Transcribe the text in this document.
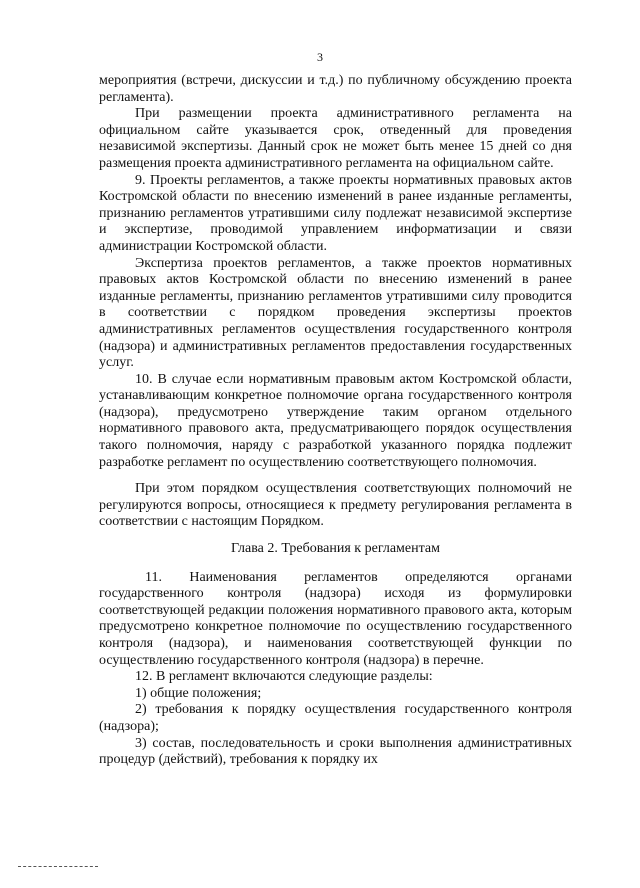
3

мероприятия (встречи, дискуссии и т.д.) по публичному обсуждению проекта регламента).

При размещении проекта административного регламента на официальном сайте указывается срок, отведенный для проведения независимой экспертизы. Данный срок не может быть менее 15 дней со дня размещения проекта административного регламента на официальном сайте.

9. Проекты регламентов, а также проекты нормативных правовых актов Костромской области по внесению изменений в ранее изданные регламенты, признанию регламентов утратившими силу подлежат независимой экспертизе и экспертизе, проводимой управлением информатизации и связи администрации Костромской области.

Экспертиза проектов регламентов, а также проектов нормативных правовых актов Костромской области по внесению изменений в ранее изданные регламенты, признанию регламентов утратившими силу проводится в соответствии с порядком проведения экспертизы проектов административных регламентов осуществления государственного контроля (надзора) и административных регламентов предоставления государственных услуг.

10. В случае если нормативным правовым актом Костромской области, устанавливающим конкретное полномочие органа государственного контроля (надзора), предусмотрено утверждение таким органом отдельного нормативного правового акта, предусматривающего порядок осуществления такого полномочия, наряду с разработкой указанного порядка подлежит разработке регламент по осуществлению соответствующего полномочия.

При этом порядком осуществления соответствующих полномочий не регулируются вопросы, относящиеся к предмету регулирования регламента в соответствии с настоящим Порядком.

Глава 2. Требования к регламентам

11. Наименования регламентов определяются органами государственного контроля (надзора) исходя из формулировки соответствующей редакции положения нормативного правового акта, которым предусмотрено конкретное полномочие по осуществлению государственного контроля (надзора), и наименования соответствующей функции по осуществлению государственного контроля (надзора) в перечне.

12. В регламент включаются следующие разделы:

1) общие положения;

2) требования к порядку осуществления государственного контроля (надзора);

3) состав, последовательность и сроки выполнения административных процедур (действий), требования к порядку их
